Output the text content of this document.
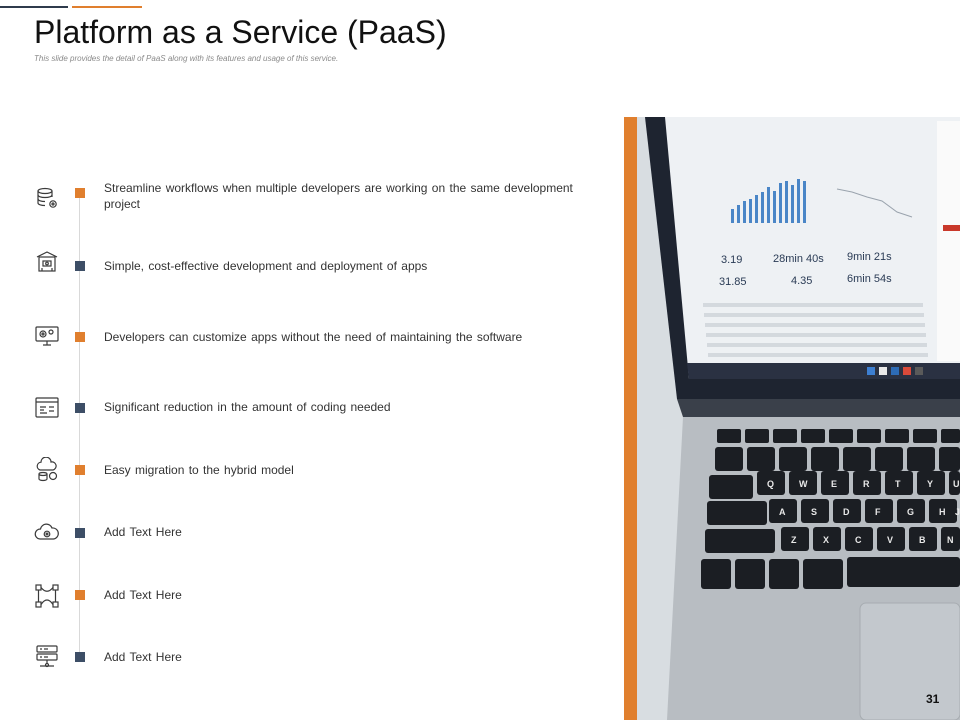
Platform as a Service (PaaS)
This slide provides the detail of PaaS along with its features and usage of this service.
Streamline workflows when multiple developers are working on the same development project
Simple, cost-effective development and deployment of apps
Developers can customize apps without the need of maintaining the software
Significant reduction in the amount of coding needed
Easy migration to the hybrid model
Add Text Here
Add Text Here
Add Text Here
3.19	28min 40s 9min 21s
31.85	4.35	6min 54s
Q	W	E	R	T	Y U
A	S	D	F	G	H J
Z	X	C	V	B N
31
